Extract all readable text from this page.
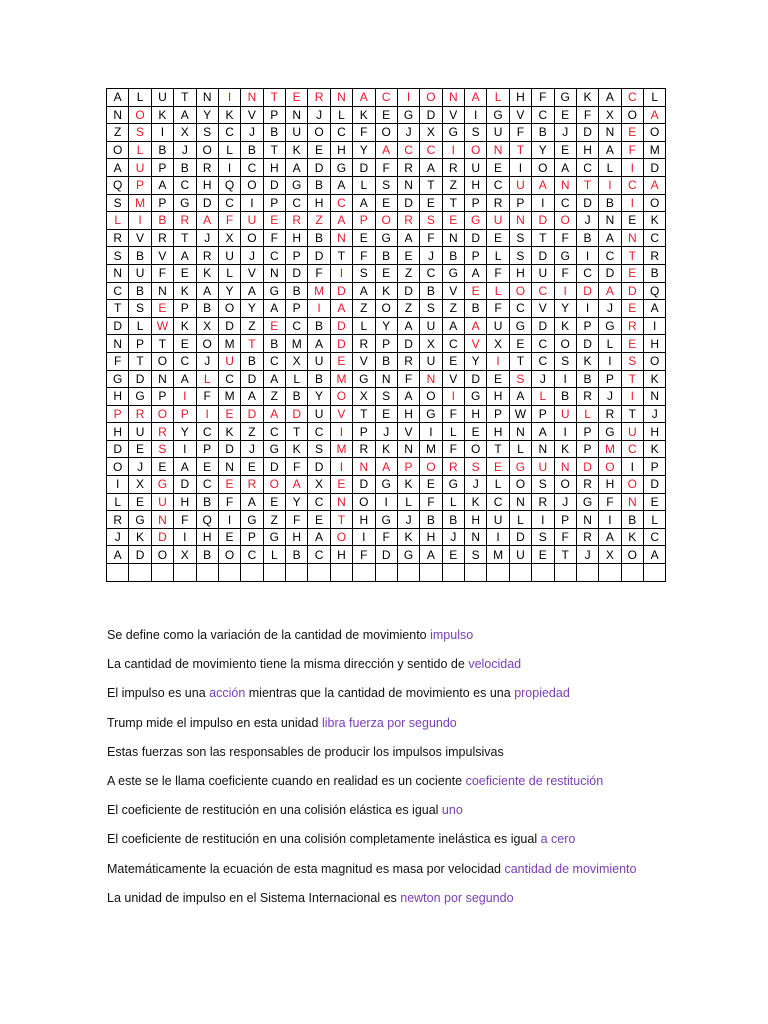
A	L	U	T	N	I	N	T	E	R	N	A	C	I	O	N	A	L	H	F	G	K	A	C	L
N	O	K	A	Y	K	V	P	N	J	L	K	E	G	D	V	I	G	V	C	E	F	X	O	A
Z	S	I	X	S	C	J	B	U	O	C	F	O	J	X	G	S	U	F	B	J	D	N	E	O
O	L	B	J	O	L	B	T	K	E	H	Y	A	C	C	I	O	N	T	Y	E	H	A	F	M
A	U	P	B	R	I	C	H	A	D	G	D	F	R	A	R	U	E	I	O	A	C	L	I	D
Q	P	A	C	H	Q	O	D	G	B	A	L	S	N	T	Z	H	C	U	A	N	T	I	C	A
S	M	P	G	D	C	I	P	C	H	C	A	E	D	E	T	P	R	P	I	C	D	B	I	O
L	I	B	R	A	F	U	E	R	Z	A	P	O	R	S	E	G	U	N	D	O	J	N	E	K
R	V	R	T	J	X	O	F	H	B	N	E	G	A	F	N	D	E	S	T	F	B	A	N	C
S	B	V	A	R	U	J	C	P	D	T	F	B	E	J	B	P	L	S	D	G	I	C	T	R
N	U	F	E	K	L	V	N	D	F	I	S	E	Z	C	G	A	F	H	U	F	C	D	E	B
C	B	N	K	A	Y	A	G	B	M	D	A	K	D	B	V	E	L	O	C	I	D	A	D	Q
T	S	E	P	B	O	Y	A	P	I	A	Z	O	Z	S	Z	B	F	C	V	Y	I	J	E	A
D	L	W	K	X	D	Z	E	C	B	D	L	Y	A	U	A	A	U	G	D	K	P	G	R	I
N	P	T	E	O	M	T	B	M	A	D	R	P	D	X	C	V	X	E	C	O	D	L	E	H
F	T	O	C	J	U	B	C	X	U	E	V	B	R	U	E	Y	I	T	C	S	K	I	S	O
G	D	N	A	L	C	D	A	L	B	M	G	N	F	N	V	D	E	S	J	I	B	P	T	K
H	G	P	I	F	M	A	Z	B	Y	O	X	S	A	O	I	G	H	A	L	B	R	J	I	N
P	R	O	P	I	E	D	A	D	U	V	T	E	H	G	F	H	P	W	P	U	L	R	T	J
H	U	R	Y	C	K	Z	C	T	C	I	P	J	V	I	L	E	H	N	A	I	P	G	U	H
D	E	S	I	P	D	J	G	K	S	M	R	K	N	M	F	O	T	L	N	K	P	M	C	K
O	J	E	A	E	N	E	D	F	D	I	N	A	P	O	R	S	E	G	U	N	D	O	I	P
I	X	G	D	C	E	R	O	A	X	E	D	G	K	E	G	J	L	O	S	O	R	H	O	D
L	E	U	H	B	F	A	E	Y	C	N	O	I	L	F	L	K	C	N	R	J	G	F	N	E
R	G	N	F	Q	I	G	Z	F	E	T	H	G	J	B	B	H	U	L	I	P	N	I	B	L
J	K	D	I	H	E	P	G	H	A	O	I	F	K	H	J	N	I	D	S	F	R	A	K	C
A	D	O	X	B	O	C	L	B	C	H	F	D	G	A	E	S	M	U	E	T	J	X	O	A

Se define como la variación de la cantidad de movimiento impulso
La cantidad de movimiento tiene la misma dirección y sentido de velocidad
El impulso es una acción mientras que la cantidad de movimiento es una propiedad
Trump mide el impulso en esta unidad libra fuerza por segundo
Estas fuerzas son las responsables de producir los impulsos impulsivas
A este se le llama coeficiente cuando en realidad es un cociente coeficiente de restitución
El coeficiente de restitución en una colisión elástica es igual uno
El coeficiente de restitución en una colisión completamente inelástica es igual a cero
Matemáticamente la ecuación de esta magnitud es masa por velocidad cantidad de movimiento
La unidad de impulso en el Sistema Internacional es newton por segundo
